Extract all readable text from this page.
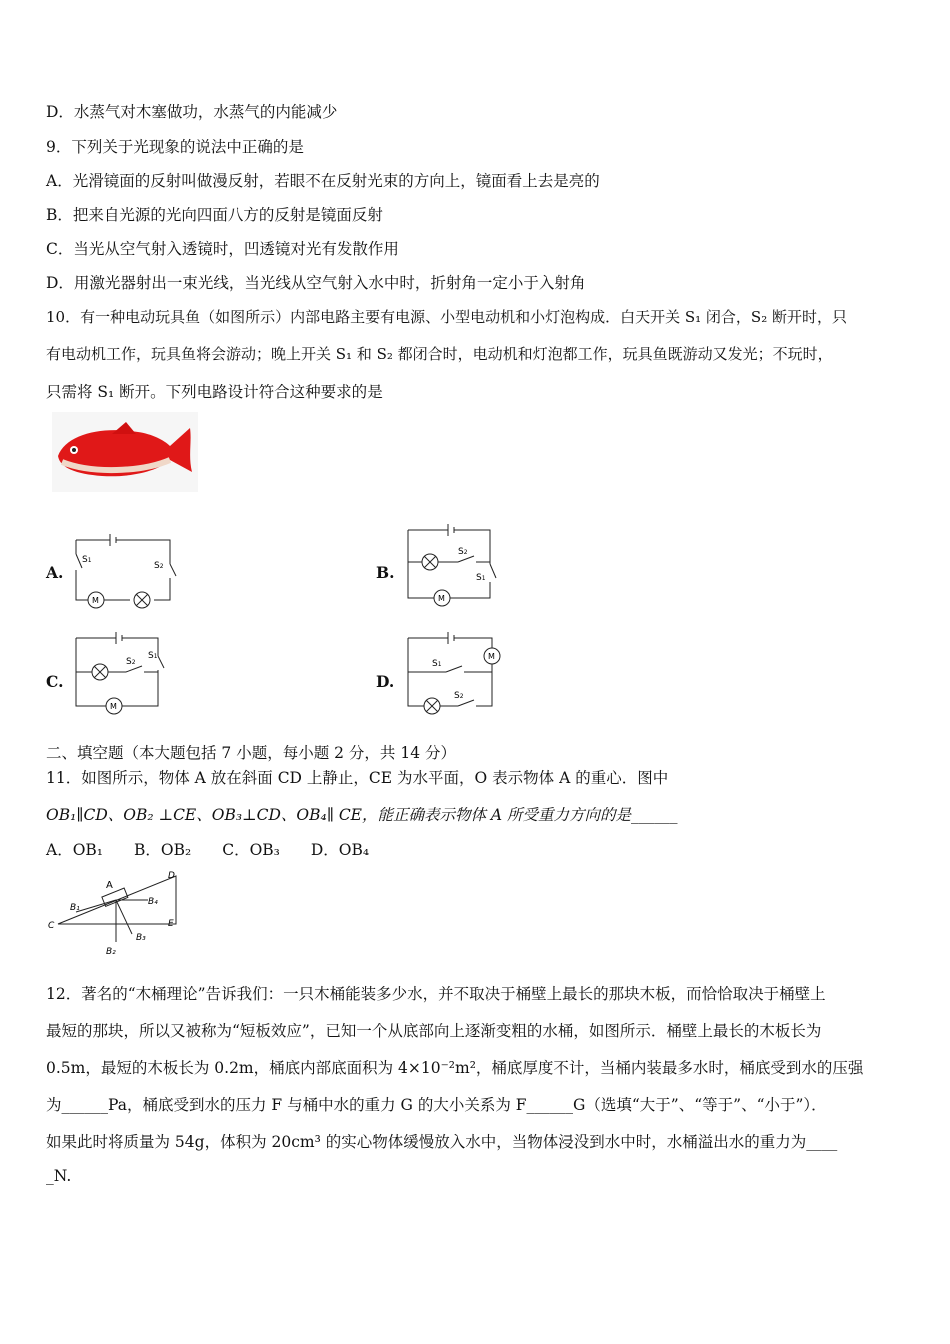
D．水蒸气对木塞做功，水蒸气的内能减少
9．下列关于光现象的说法中正确的是
A．光滑镜面的反射叫做漫反射，若眼不在反射光束的方向上，镜面看上去是亮的
B．把来自光源的光向四面八方的反射是镜面反射
C．当光从空气射入透镜时，凹透镜对光有发散作用
D．用激光器射出一束光线，当光线从空气射入水中时，折射角一定小于入射角
10．有一种电动玩具鱼（如图所示）内部电路主要有电源、小型电动机和小灯泡构成．白天开关 S₁ 闭合，S₂ 断开时，只
有电动机工作，玩具鱼将会游动；晚上开关 S₁ 和 S₂ 都闭合时，电动机和灯泡都工作，玩具鱼既游动又发光；不玩时，
只需将 S₁ 断开。下列电路设计符合这种要求的是
A.	B.
C.	D.
S1
S2
M
S2
S1
M
S2
S1
M
M
S1
S2
二、填空题（本大题包括 7 小题，每小题 2 分，共 14 分）
11．如图所示，物体 A 放在斜面 CD 上静止，CE 为水平面，O 表示物体 A 的重心．图中
OB₁∥CD、OB₂ ⊥CE、OB₃⊥CD、OB₄∥ CE，能正确表示物体 A 所受重力方向的是______
A．OB₁　　B．OB₂　　C．OB₃　　D．OB₄
A
B₁
B₂
B₃
B₄
C
D
E
12．著名的“木桶理论”告诉我们：一只木桶能装多少水，并不取决于桶壁上最长的那块木板，而恰恰取决于桶壁上
最短的那块，所以又被称为“短板效应”，已知一个从底部向上逐渐变粗的水桶，如图所示．桶壁上最长的木板长为
0.5m，最短的木板长为 0.2m，桶底内部底面积为 4×10⁻²m²，桶底厚度不计，当桶内装最多水时，桶底受到水的压强
为______Pa，桶底受到水的压力 F 与桶中水的重力 G 的大小关系为 F______G（选填“大于”、“等于”、“小于”）．
如果此时将质量为 54g，体积为 20cm³ 的实心物体缓慢放入水中，当物体浸没到水中时，水桶溢出水的重力为____
_N.
